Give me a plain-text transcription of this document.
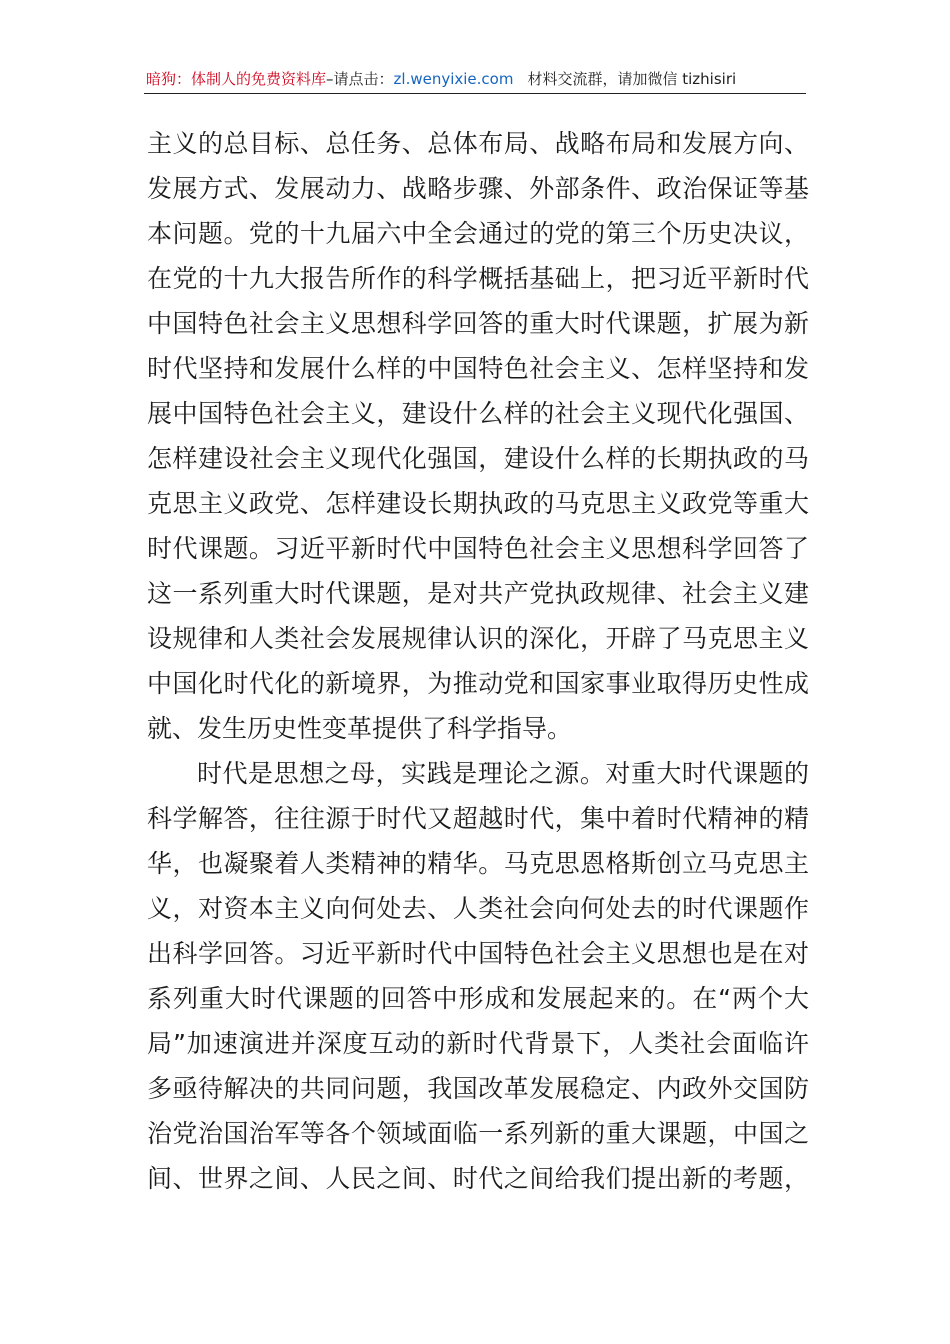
暗狗：体制人的免费资料库–请点击：zl.wenyixie.com 材料交流群，请加微信 tizhisiri
主义的总目标、总任务、总体布局、战略布局和发展方向、
发展方式、发展动力、战略步骤、外部条件、政治保证等基
本问题。党的十九届六中全会通过的党的第三个历史决议，
在党的十九大报告所作的科学概括基础上，把习近平新时代
中国特色社会主义思想科学回答的重大时代课题，扩展为新
时代坚持和发展什么样的中国特色社会主义、怎样坚持和发
展中国特色社会主义，建设什么样的社会主义现代化强国、
怎样建设社会主义现代化强国，建设什么样的长期执政的马
克思主义政党、怎样建设长期执政的马克思主义政党等重大
时代课题。习近平新时代中国特色社会主义思想科学回答了
这一系列重大时代课题，是对共产党执政规律、社会主义建
设规律和人类社会发展规律认识的深化，开辟了马克思主义
中国化时代化的新境界，为推动党和国家事业取得历史性成
就、发生历史性变革提供了科学指导。
时代是思想之母，实践是理论之源。对重大时代课题的
科学解答，往往源于时代又超越时代，集中着时代精神的精
华，也凝聚着人类精神的精华。马克思恩格斯创立马克思主
义，对资本主义向何处去、人类社会向何处去的时代课题作
出科学回答。习近平新时代中国特色社会主义思想也是在对
系列重大时代课题的回答中形成和发展起来的。在“两个大
局”加速演进并深度互动的新时代背景下，人类社会面临许
多亟待解决的共同问题，我国改革发展稳定、内政外交国防
治党治国治军等各个领域面临一系列新的重大课题，中国之
间、世界之间、人民之间、时代之间给我们提出新的考题，
